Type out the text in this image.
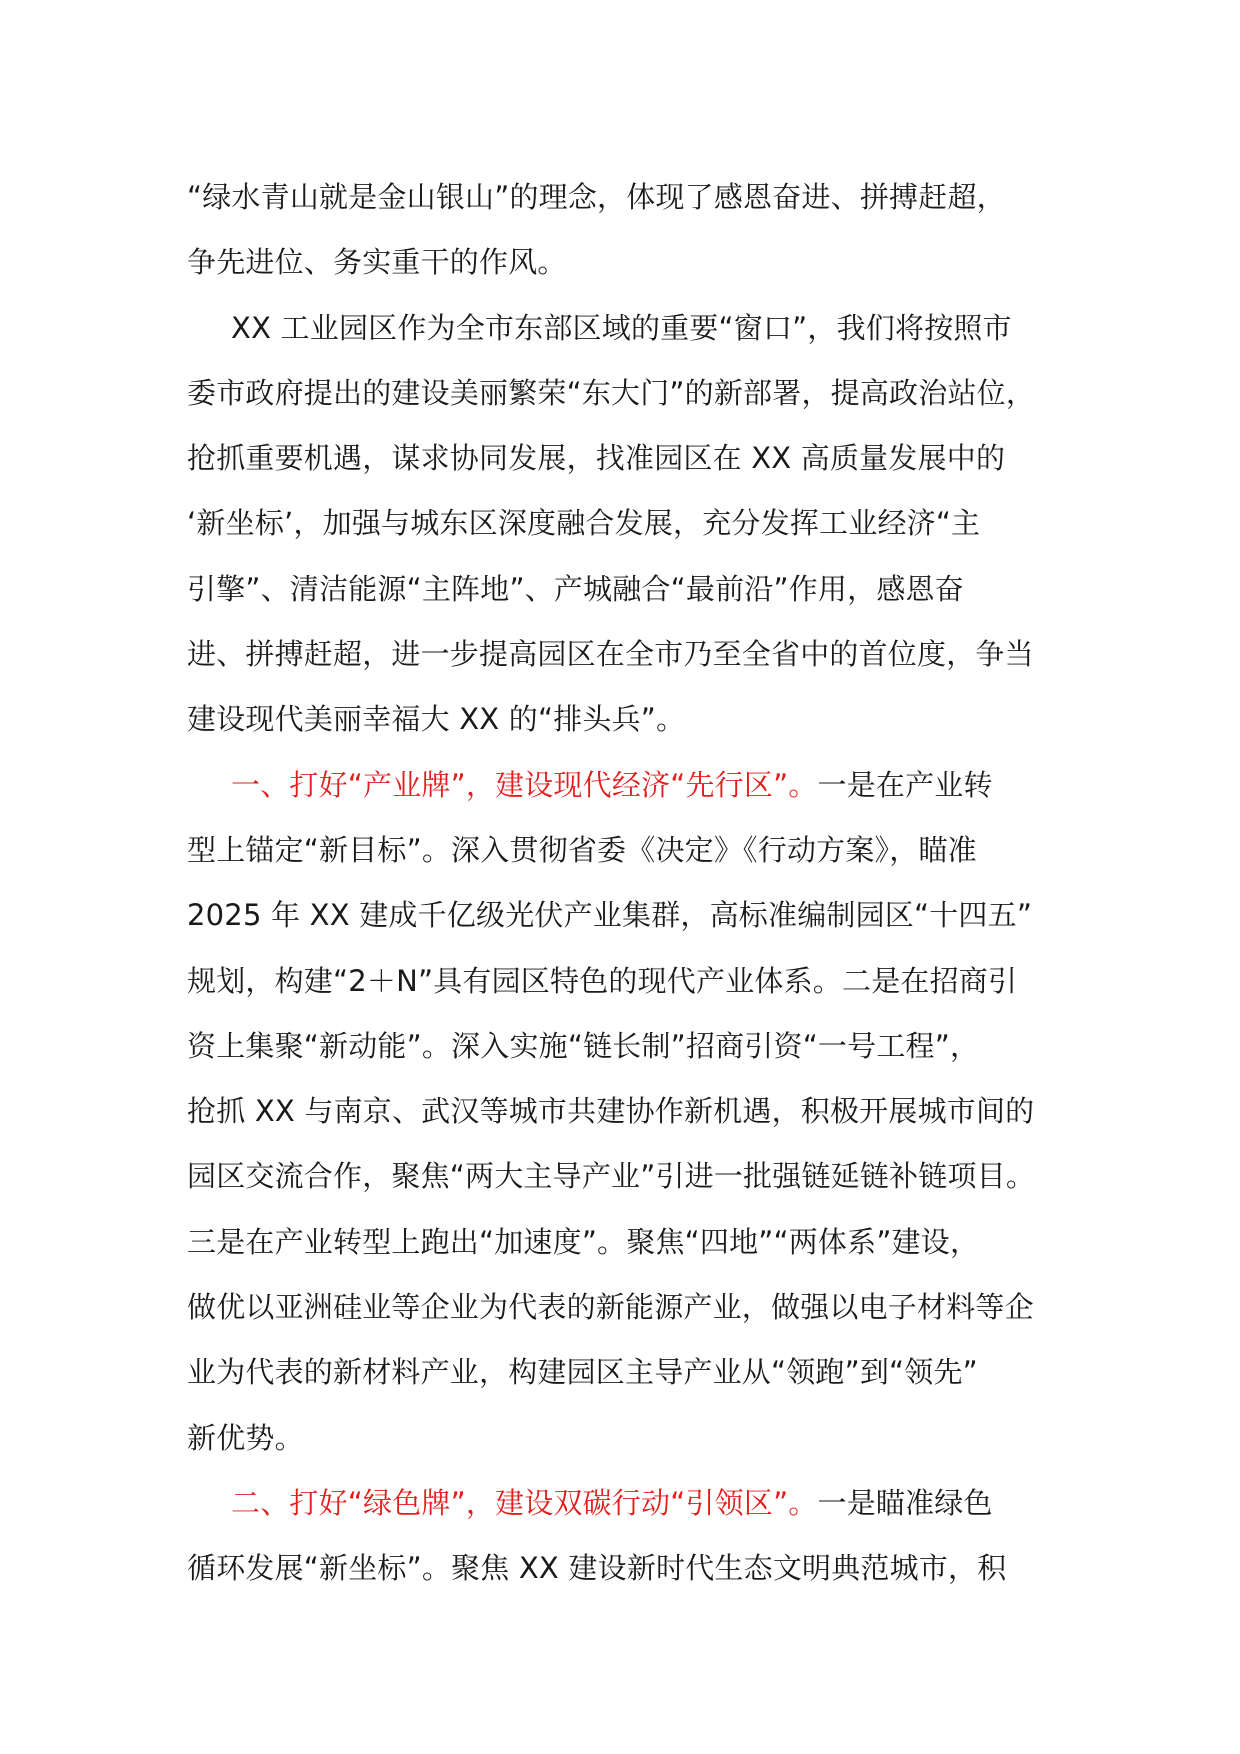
“绿水青山就是金山银山”的理念，体现了感恩奋进、拼搏赶超，
争先进位、务实重干的作风。
XX 工业园区作为全市东部区域的重要“窗口”，我们将按照市
委市政府提出的建设美丽繁荣“东大门”的新部署，提高政治站位，
抢抓重要机遇，谋求协同发展，找准园区在 XX 高质量发展中的
‘新坐标’，加强与城东区深度融合发展，充分发挥工业经济“主
引擎”、清洁能源“主阵地”、产城融合“最前沿”作用，感恩奋
进、拼搏赶超，进一步提高园区在全市乃至全省中的首位度，争当
建设现代美丽幸福大 XX 的“排头兵”。
一、打好“产业牌”，建设现代经济“先行区”。一是在产业转
型上锚定“新目标”。深入贯彻省委《决定》《行动方案》，瞄准
2025 年 XX 建成千亿级光伏产业集群，高标准编制园区“十四五”
规划，构建“2＋N”具有园区特色的现代产业体系。二是在招商引
资上集聚“新动能”。深入实施“链长制”招商引资“一号工程”，
抢抓 XX 与南京、武汉等城市共建协作新机遇，积极开展城市间的
园区交流合作，聚焦“两大主导产业”引进一批强链延链补链项目。
三是在产业转型上跑出“加速度”。聚焦“四地”“两体系”建设，
做优以亚洲硅业等企业为代表的新能源产业，做强以电子材料等企
业为代表的新材料产业，构建园区主导产业从“领跑”到“领先”
新优势。
二、打好“绿色牌”，建设双碳行动“引领区”。一是瞄准绿色
循环发展“新坐标”。聚焦 XX 建设新时代生态文明典范城市，积
